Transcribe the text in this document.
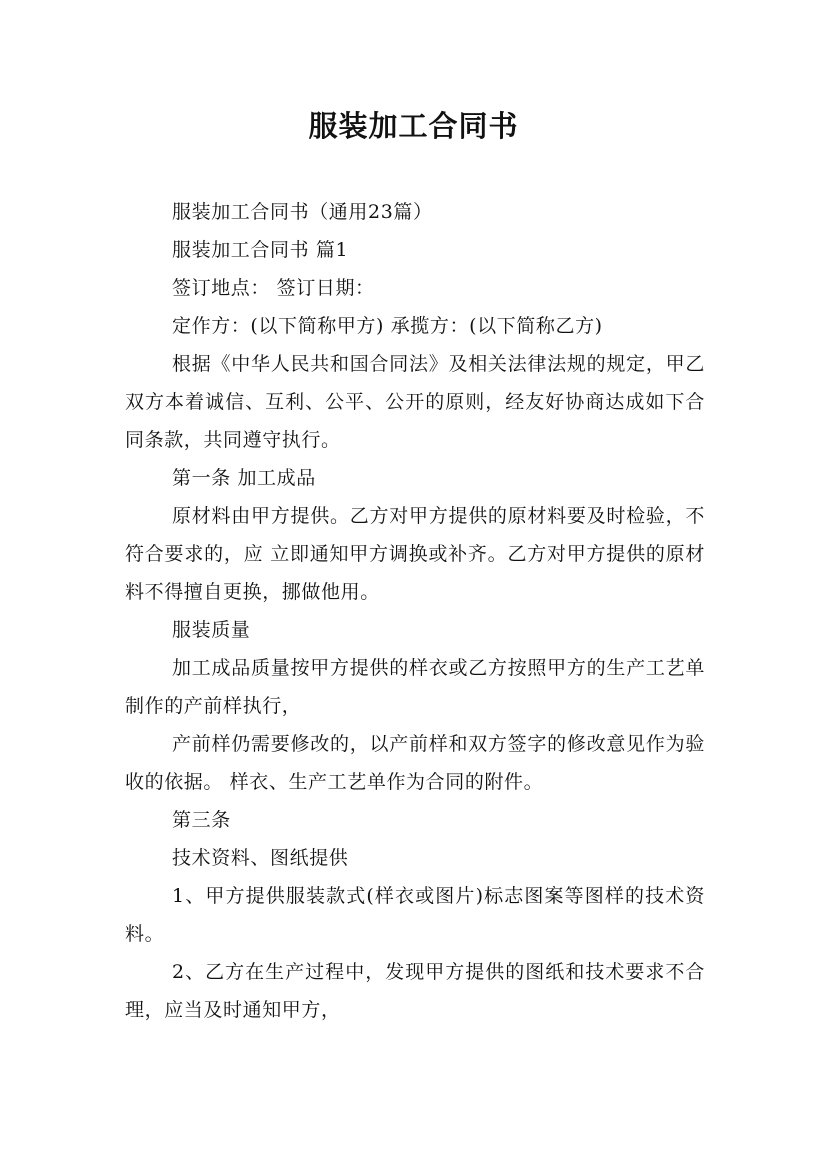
服装加工合同书

服装加工合同书（通用23篇）

服装加工合同书 篇1

签订地点： 签订日期：

定作方：(以下简称甲方) 承揽方：(以下简称乙方)

根据《中华人民共和国合同法》及相关法律法规的规定，甲乙双方本着诚信、互利、公平、公开的原则，经友好协商达成如下合同条款，共同遵守执行。

第一条 加工成品

原材料由甲方提供。乙方对甲方提供的原材料要及时检验，不符合要求的，应 立即通知甲方调换或补齐。乙方对甲方提供的原材料不得擅自更换，挪做他用。

服装质量

加工成品质量按甲方提供的样衣或乙方按照甲方的生产工艺单制作的产前样执行，

产前样仍需要修改的，以产前样和双方签字的修改意见作为验收的依据。 样衣、生产工艺单作为合同的附件。

第三条

技术资料、图纸提供

1、甲方提供服装款式(样衣或图片)标志图案等图样的技术资料。

2、乙方在生产过程中，发现甲方提供的图纸和技术要求不合理，应当及时通知甲方，
